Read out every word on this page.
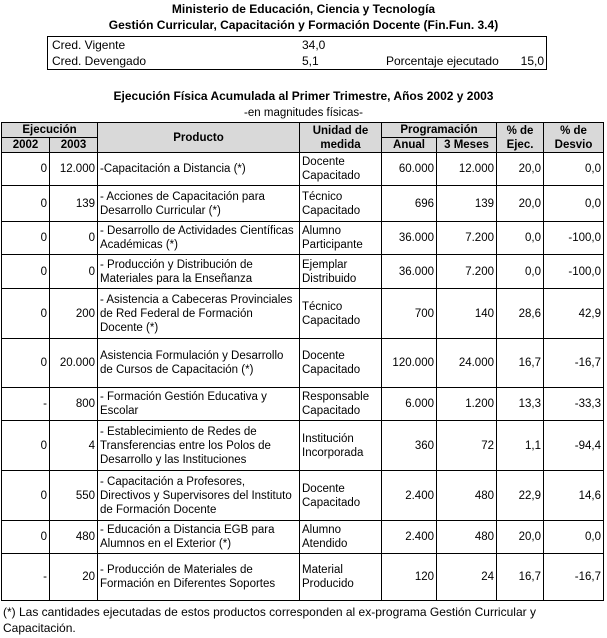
Ministerio de Educación, Ciencia y Tecnología
Gestión Curricular, Capacitación y Formación Docente (Fin.Fun. 3.4)
Cred. Vigente	34,0
Cred. Devengado	5,1	Porcentaje ejecutado 15,0
Ejecución Física Acumulada al Primer Trimestre, Años 2002 y 2003
-en magnitudes físicas-
Ejecución		Producto	Unidad de medida	Programación		% de Ejec.	% de Desvio
2002	2003			Anual	3 Meses		
0	12.000	-Capacitación a Distancia (*)	Docente Capacitado	60.000	12.000	20,0	0,0
0	139	- Acciones de Capacitación para Desarrollo Curricular (*)	Técnico Capacitado	696	139	20,0	0,0
0	0	- Desarrollo de Actividades Científicas Académicas (*)	Alumno Participante	36.000	7.200	0,0	-100,0
0	0	- Producción y Distribución de Materiales para la Enseñanza	Ejemplar Distribuido	36.000	7.200	0,0	-100,0
0	200	- Asistencia a Cabeceras Provinciales de Red Federal de Formación Docente (*)	Técnico Capacitado	700	140	28,6	42,9
0	20.000	Asistencia Formulación y Desarrollo de Cursos de Capacitación (*)	Docente Capacitado	120.000	24.000	16,7	-16,7
-	800	- Formación Gestión Educativa y Escolar	Responsable Capacitado	6.000	1.200	13,3	-33,3
0	4	- Establecimiento de Redes de Transferencias entre los Polos de Desarrollo y las Instituciones	Institución Incorporada	360	72	1,1	-94,4
0	550	- Capacitación a Profesores, Directivos y Supervisores del Instituto de Formación Docente	Docente Capacitado	2.400	480	22,9	14,6
0	480	- Educación a Distancia EGB para Alumnos en el Exterior (*)	Alumno Atendido	2.400	480	20,0	0,0
-	20	- Producción de Materiales de Formación en Diferentes Soportes	Material Producido	120	24	16,7	-16,7
(*) Las cantidades ejecutadas de estos productos corresponden al ex-programa Gestión Curricular y Capacitación.
